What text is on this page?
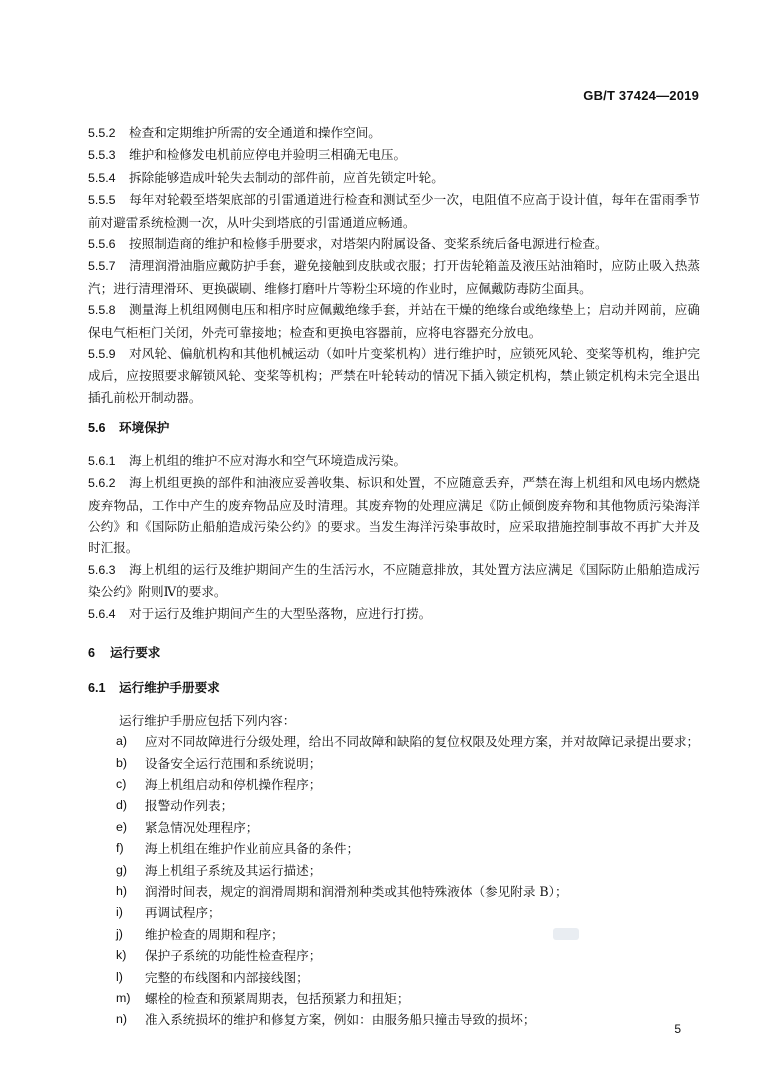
GB/T 37424—2019
5.5.2 检查和定期维护所需的安全通道和操作空间。
5.5.3 维护和检修发电机前应停电并验明三相确无电压。
5.5.4 拆除能够造成叶轮失去制动的部件前，应首先锁定叶轮。
5.5.5 每年对轮毂至塔架底部的引雷通道进行检查和测试至少一次，电阻值不应高于设计值，每年在雷雨季节前对避雷系统检测一次，从叶尖到塔底的引雷通道应畅通。
5.5.6 按照制造商的维护和检修手册要求，对塔架内附属设备、变桨系统后备电源进行检查。
5.5.7 清理润滑油脂应戴防护手套，避免接触到皮肤或衣服；打开齿轮箱盖及液压站油箱时，应防止吸入热蒸汽；进行清理滑环、更换碳刷、维修打磨叶片等粉尘环境的作业时，应佩戴防毒防尘面具。
5.5.8 测量海上机组网侧电压和相序时应佩戴绝缘手套，并站在干燥的绝缘台或绝缘垫上；启动并网前，应确保电气柜柜门关闭，外壳可靠接地；检查和更换电容器前，应将电容器充分放电。
5.5.9 对风轮、偏航机构和其他机械运动（如叶片变桨机构）进行维护时，应锁死风轮、变桨等机构，维护完成后，应按照要求解锁风轮、变桨等机构；严禁在叶轮转动的情况下插入锁定机构，禁止锁定机构未完全退出插孔前松开制动器。
5.6 环境保护
5.6.1 海上机组的维护不应对海水和空气环境造成污染。
5.6.2 海上机组更换的部件和油液应妥善收集、标识和处置，不应随意丢弃，严禁在海上机组和风电场内燃烧废弃物品，工作中产生的废弃物品应及时清理。其废弃物的处理应满足《防止倾倒废弃物和其他物质污染海洋公约》和《国际防止船舶造成污染公约》的要求。当发生海洋污染事故时，应采取措施控制事故不再扩大并及时汇报。
5.6.3 海上机组的运行及维护期间产生的生活污水，不应随意排放，其处置方法应满足《国际防止船舶造成污染公约》附则Ⅳ的要求。
5.6.4 对于运行及维护期间产生的大型坠落物，应进行打捞。
6 运行要求
6.1 运行维护手册要求
运行维护手册应包括下列内容：
a) 应对不同故障进行分级处理，给出不同故障和缺陷的复位权限及处理方案，并对故障记录提出要求；
b) 设备安全运行范围和系统说明；
c) 海上机组启动和停机操作程序；
d) 报警动作列表；
e) 紧急情况处理程序；
f) 海上机组在维护作业前应具备的条件；
g) 海上机组子系统及其运行描述；
h) 润滑时间表，规定的润滑周期和润滑剂种类或其他特殊液体（参见附录 B）；
i) 再调试程序；
j) 维护检查的周期和程序；
k) 保护子系统的功能性检查程序；
l) 完整的布线图和内部接线图；
m) 螺栓的检查和预紧周期表，包括预紧力和扭矩；
n) 准入系统损坏的维护和修复方案，例如：由服务船只撞击导致的损坏；
5
